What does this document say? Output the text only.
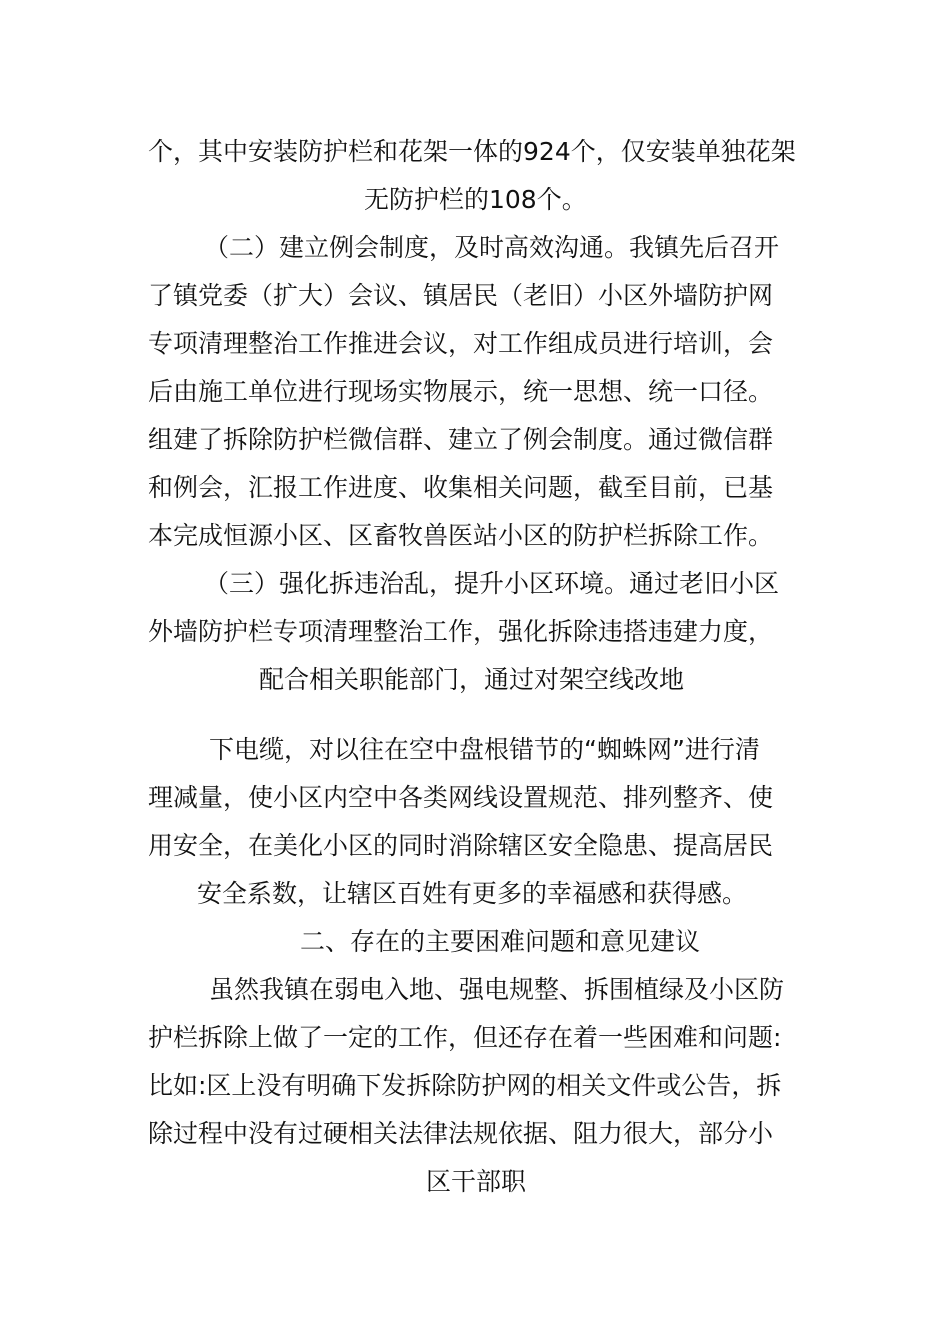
个，其中安装防护栏和花架一体的924个，仅安装单独花架
无防护栏的108个。
（二）建立例会制度，及时高效沟通。我镇先后召开
了镇党委（扩大）会议、镇居民（老旧）小区外墙防护网
专项清理整治工作推进会议，对工作组成员进行培训，会
后由施工单位进行现场实物展示，统一思想、统一口径。
组建了拆除防护栏微信群、建立了例会制度。通过微信群
和例会，汇报工作进度、收集相关问题，截至目前，已基
本完成恒源小区、区畜牧兽医站小区的防护栏拆除工作。
（三）强化拆违治乱，提升小区环境。通过老旧小区
外墙防护栏专项清理整治工作，强化拆除违搭违建力度，
配合相关职能部门，通过对架空线改地
下电缆，对以往在空中盘根错节的“蜘蛛网”进行清
理减量，使小区内空中各类网线设置规范、排列整齐、使
用安全，在美化小区的同时消除辖区安全隐患、提高居民
安全系数，让辖区百姓有更多的幸福感和获得感。
二、存在的主要困难问题和意见建议
虽然我镇在弱电入地、强电规整、拆围植绿及小区防
护栏拆除上做了一定的工作，但还存在着一些困难和问题:
比如:区上没有明确下发拆除防护网的相关文件或公告，拆
除过程中没有过硬相关法律法规依据、阻力很大，部分小
区干部职
